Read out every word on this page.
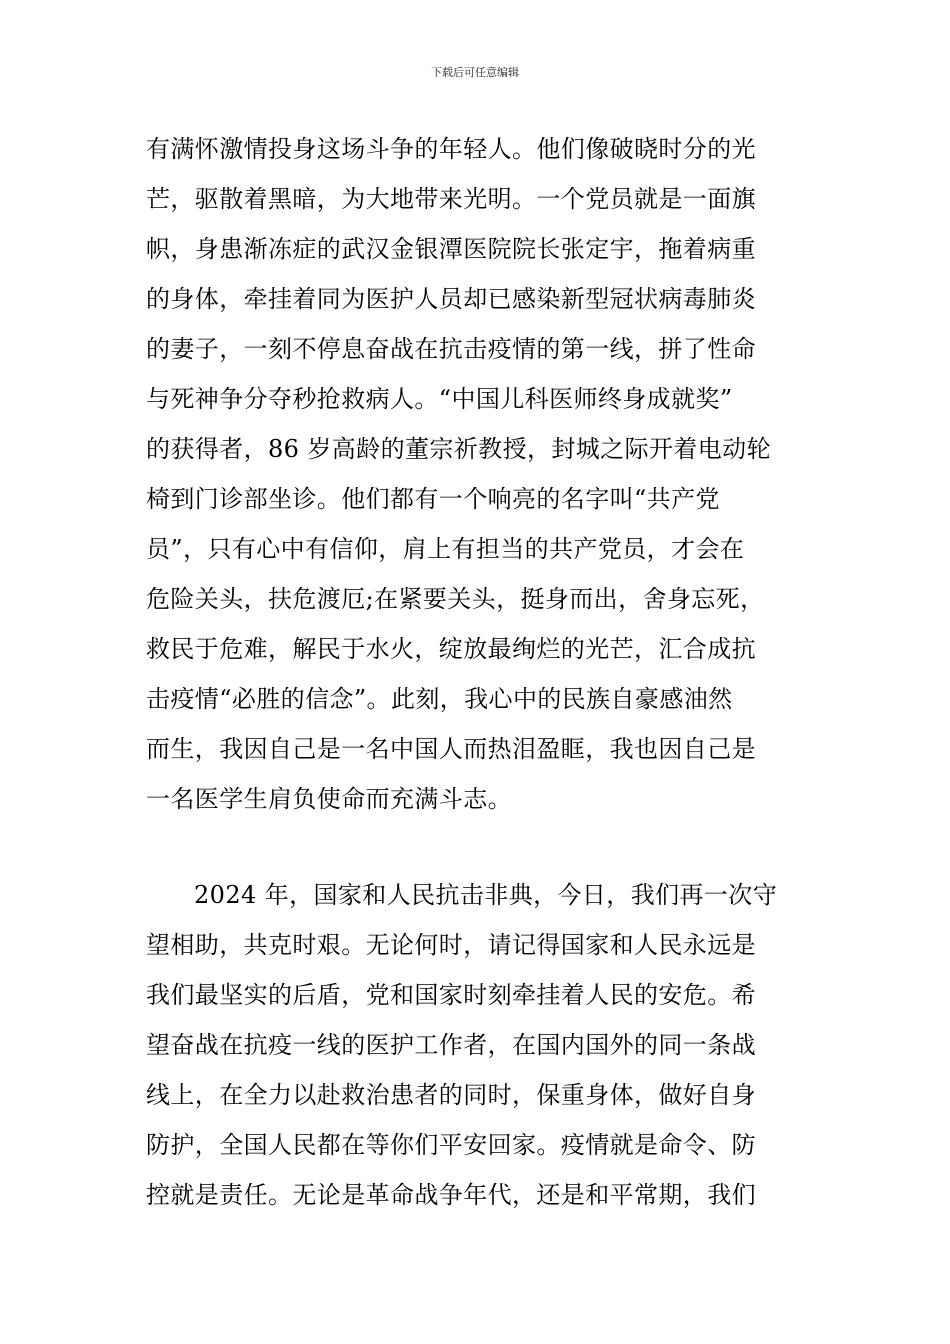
下载后可任意编辑
有满怀激情投身这场斗争的年轻人。他们像破晓时分的光
芒，驱散着黑暗，为大地带来光明。一个党员就是一面旗
帜，身患渐冻症的武汉金银潭医院院长张定宇，拖着病重
的身体，牵挂着同为医护人员却已感染新型冠状病毒肺炎
的妻子，一刻不停息奋战在抗击疫情的第一线，拼了性命
与死神争分夺秒抢救病人。“中国儿科医师终身成就奖”
的获得者，86 岁高龄的董宗祈教授，封城之际开着电动轮
椅到门诊部坐诊。他们都有一个响亮的名字叫“共产党
员”，只有心中有信仰，肩上有担当的共产党员，才会在
危险关头，扶危渡厄;在紧要关头，挺身而出，舍身忘死，
救民于危难，解民于水火，绽放最绚烂的光芒，汇合成抗
击疫情“必胜的信念”。此刻，我心中的民族自豪感油然
而生，我因自己是一名中国人而热泪盈眶，我也因自己是
一名医学生肩负使命而充满斗志。
2024 年，国家和人民抗击非典，今日，我们再一次守
望相助，共克时艰。无论何时，请记得国家和人民永远是
我们最坚实的后盾，党和国家时刻牵挂着人民的安危。希
望奋战在抗疫一线的医护工作者，在国内国外的同一条战
线上，在全力以赴救治患者的同时，保重身体，做好自身
防护，全国人民都在等你们平安回家。疫情就是命令、防
控就是责任。无论是革命战争年代，还是和平常期，我们
